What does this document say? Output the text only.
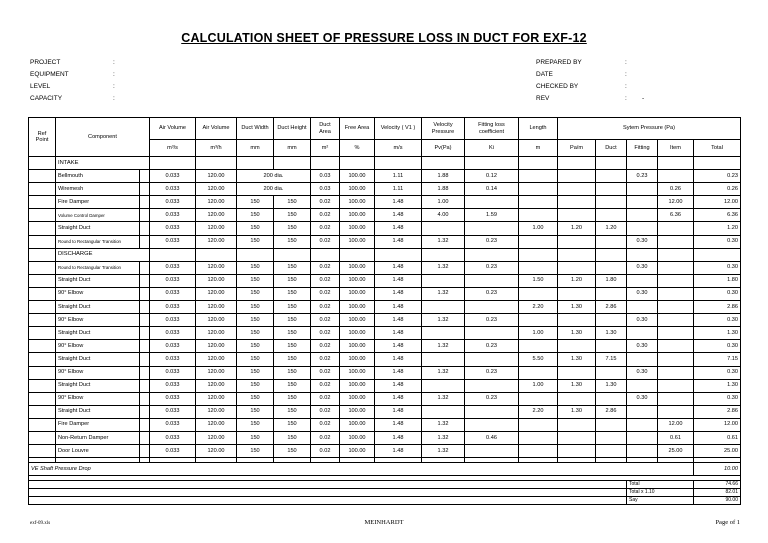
CALCULATION SHEET OF PRESSURE LOSS IN DUCT FOR EXF-12
PROJECT	:
EQUIPMENT	:
LEVEL	:
CAPACITY	:
PREPARED BY	:
DATE	:
CHECKED BY	:
REV	: -
Ref Point	Component		Air Volume	Air Volume	Duct Width	Duct Height	Duct Area	Free Area	Velocity ( V1 )	Velocity Pressure	Fitting loss coefficient	Length	Sytem Pressure (Pa)				
			m³/s	m³/h	mm	mm	m²	%	m/s	Pv(Pa)	Ki	m	Pa/m	Duct	Fitting	Item	Total
	INTAKE																
	Bellmouth		0.033	120.00	200 dia.		0.03	100.00	1.11	1.88	0.12				0.23		0.23
	Wiremesh		0.033	120.00	200 dia.		0.03	100.00	1.11	1.88	0.14					0.26	0.26
	Fire Damper		0.033	120.00	150	150	0.02	100.00	1.48	1.00						12.00	12.00
	Volume Control Damper		0.033	120.00	150	150	0.02	100.00	1.48	4.00	1.59					6.36	6.36
	Straight Duct		0.033	120.00	150	150	0.02	100.00	1.48			1.00	1.20	1.20			1.20
	Round to Rectangular Transition		0.033	120.00	150	150	0.02	100.00	1.48	1.32	0.23				0.30		0.30
	DISCHARGE																
	Round to Rectangular Transition		0.033	120.00	150	150	0.02	100.00	1.48	1.32	0.23				0.30		0.30
	Straight Duct		0.033	120.00	150	150	0.02	100.00	1.48			1.50	1.20	1.80			1.80
	90° Elbow		0.033	120.00	150	150	0.02	100.00	1.48	1.32	0.23				0.30		0.30
	Straight Duct		0.033	120.00	150	150	0.02	100.00	1.48			2.20	1.30	2.86			2.86
	90° Elbow		0.033	120.00	150	150	0.02	100.00	1.48	1.32	0.23				0.30		0.30
	Straight Duct		0.033	120.00	150	150	0.02	100.00	1.48			1.00	1.30	1.30			1.30
	90° Elbow		0.033	120.00	150	150	0.02	100.00	1.48	1.32	0.23				0.30		0.30
	Straight Duct		0.033	120.00	150	150	0.02	100.00	1.48			5.50	1.30	7.15			7.15
	90° Elbow		0.033	120.00	150	150	0.02	100.00	1.48	1.32	0.23				0.30		0.30
	Straight Duct		0.033	120.00	150	150	0.02	100.00	1.48			1.00	1.30	1.30			1.30
	90° Elbow		0.033	120.00	150	150	0.02	100.00	1.48	1.32	0.23				0.30		0.30
	Straight Duct		0.033	120.00	150	150	0.02	100.00	1.48			2.20	1.30	2.86			2.86
	Fire Damper		0.033	120.00	150	150	0.02	100.00	1.48	1.32						12.00	12.00
	Non-Return Damper		0.033	120.00	150	150	0.02	100.00	1.48	1.32	0.46					0.61	0.61
	Door Louvre		0.033	120.00	150	150	0.02	100.00	1.48	1.32						25.00	25.00

VE Shaft Pressure Drop																	10.00

															Total		74.66
															Total x 1.10		82.01
															Say		90.00
exf-09.xls	MEINHARDT	Page of 1
